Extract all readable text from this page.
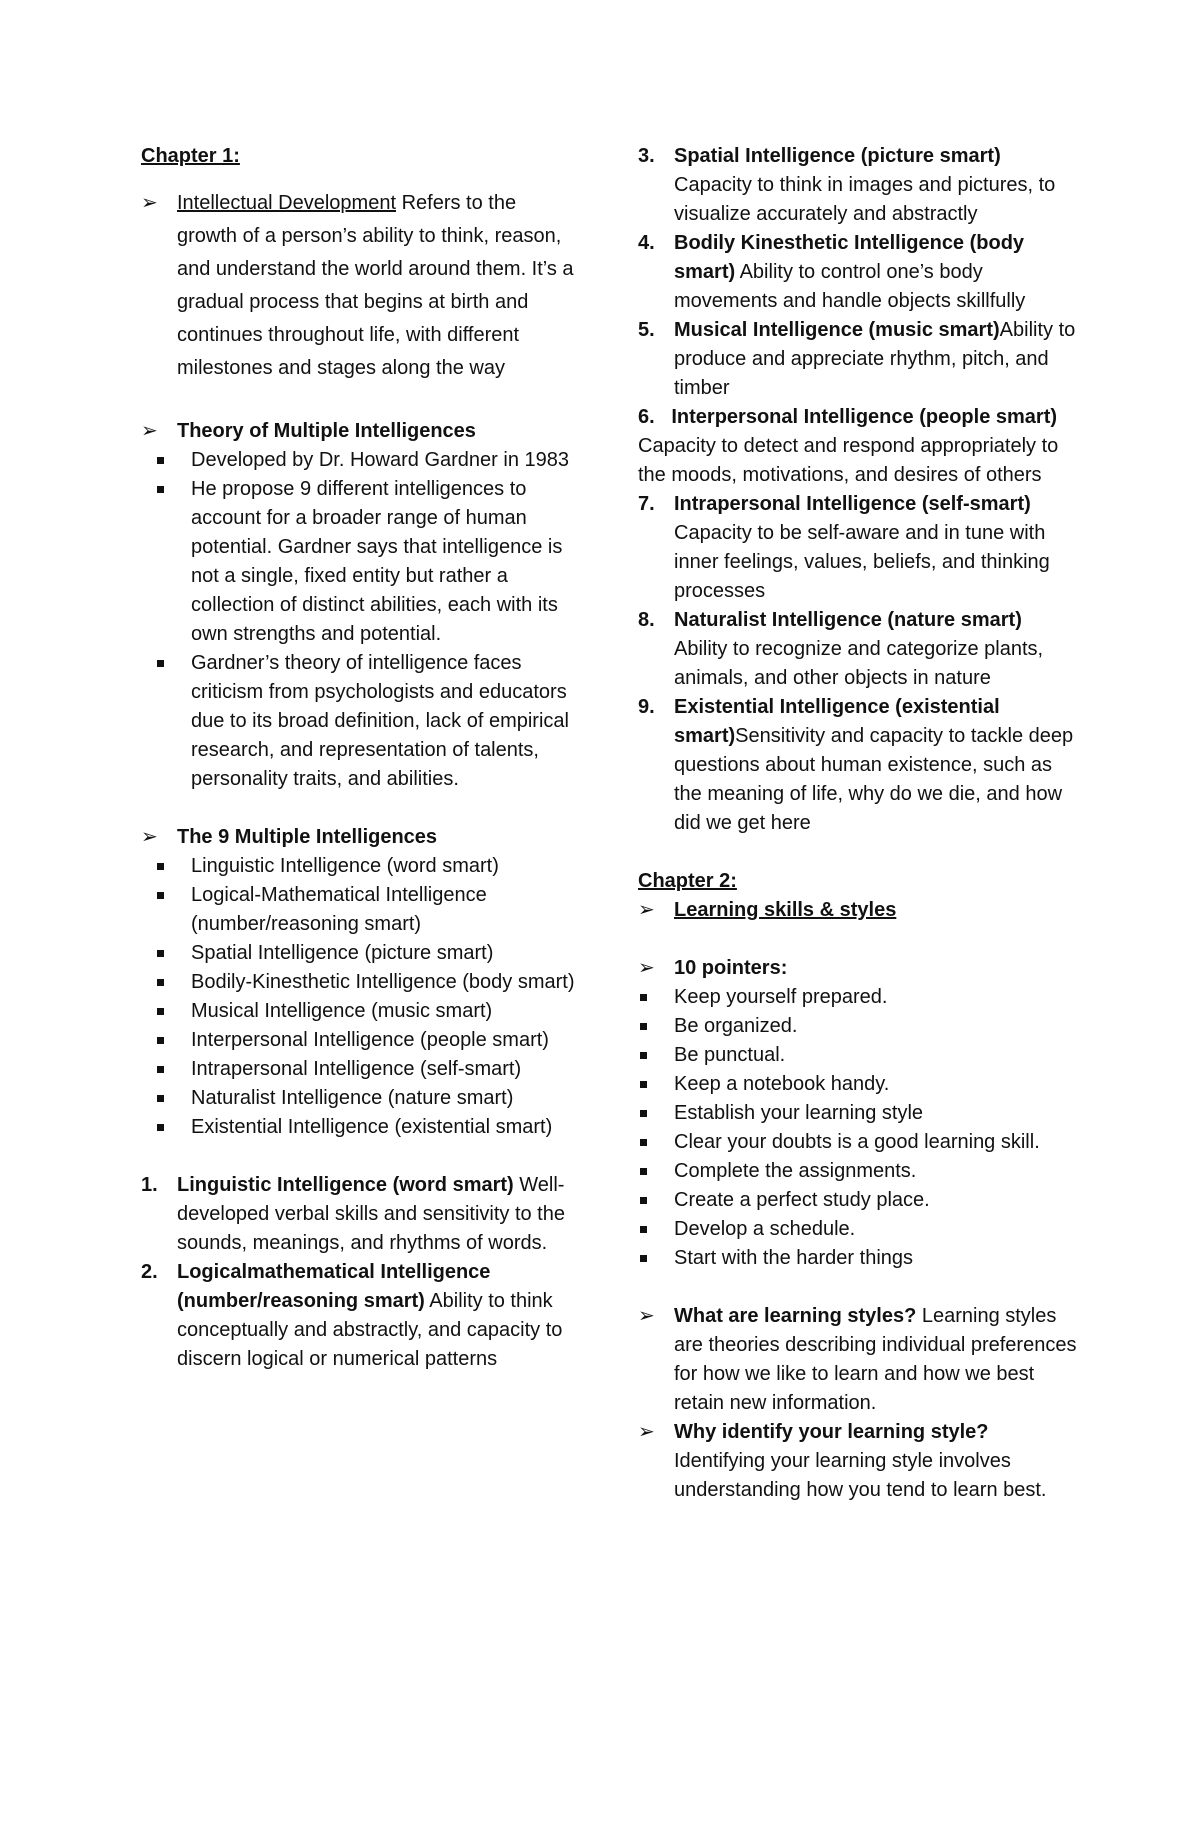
Chapter 1:

➢ Intellectual Development Refers to the growth of a person’s ability to think, reason, and understand the world around them. It’s a gradual process that begins at birth and continues throughout life, with different milestones and stages along the way
➢ Theory of Multiple Intelligences
Developed by Dr. Howard Gardner in 1983
He propose 9 different intelligences to account for a broader range of human potential. Gardner says that intelligence is not a single, fixed entity but rather a collection of distinct abilities, each with its own strengths and potential.
Gardner’s theory of intelligence faces criticism from psychologists and educators due to its broad definition, lack of empirical research, and representation of talents, personality traits, and abilities.
➢ The 9 Multiple Intelligences
Linguistic Intelligence (word smart)
Logical-Mathematical Intelligence (number/reasoning smart)
Spatial Intelligence (picture smart)
Bodily-Kinesthetic Intelligence (body smart)
Musical Intelligence (music smart)
Interpersonal Intelligence (people smart)
Intrapersonal Intelligence (self-smart)
Naturalist Intelligence (nature smart)
Existential Intelligence (existential smart)
1. Linguistic Intelligence (word smart) Well-developed verbal skills and sensitivity to the sounds, meanings, and rhythms of words.
2. Logicalmathematical Intelligence (number/reasoning smart) Ability to think conceptually and abstractly, and capacity to discern logical or numerical patterns
3. Spatial Intelligence (picture smart) Capacity to think in images and pictures, to visualize accurately and abstractly
4. Bodily Kinesthetic Intelligence (body smart) Ability to control one’s body movements and handle objects skillfully
5. Musical Intelligence (music smart)Ability to produce and appreciate rhythm, pitch, and timber
6. Interpersonal Intelligence (people smart) Capacity to detect and respond appropriately to the moods, motivations, and desires of others
7. Intrapersonal Intelligence (self-smart) Capacity to be self-aware and in tune with inner feelings, values, beliefs, and thinking processes
8. Naturalist Intelligence (nature smart) Ability to recognize and categorize plants, animals, and other objects in nature
9. Existential Intelligence (existential smart)Sensitivity and capacity to tackle deep questions about human existence, such as the meaning of life, why do we die, and how did we get here

Chapter 2:

➢ Learning skills & styles
➢ 10 pointers:
Keep yourself prepared.
Be organized.
Be punctual.
Keep a notebook handy.
Establish your learning style
Clear your doubts is a good learning skill.
Complete the assignments.
Create a perfect study place.
Develop a schedule.
Start with the harder things
➢ What are learning styles? Learning styles are theories describing individual preferences for how we like to learn and how we best retain new information.
➢ Why identify your learning style? Identifying your learning style involves understanding how you tend to learn best.
